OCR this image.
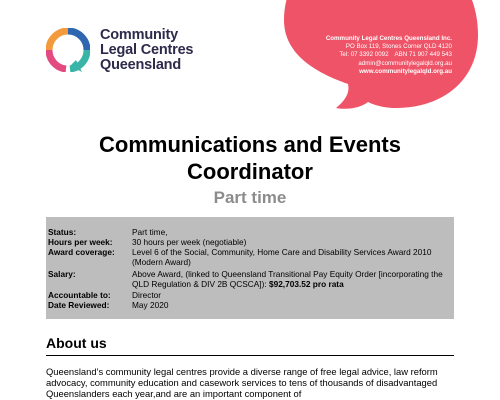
Community
Legal Centres
Queensland
Community Legal Centres Queensland Inc.
PO Box 119, Stones Corner QLD 4120
Tel: 07 3392 0092 ABN 71 907 449 543
admin@communitylegalqld.org.au
www.communitylegalqld.org.au
Communications and Events
Coordinator
Part time
Status:	Part time,
Hours per week: 30 hours per week (negotiable)
Award coverage: Level 6 of the Social, Community, Home Care and Disability Services Award 2010 (Modern Award)
Salary:	Above Award, (linked to Queensland Transitional Pay Equity Order [incorporating the QLD Regulation & DIV 2B QCSCA]): $92,703.52 pro rata
Accountable to:	Director
Date Reviewed:	May 2020
About us
Queensland’s community legal centres provide a diverse range of free legal advice, law reform advocacy, community education and casework services to tens of thousands of disadvantaged Queenslanders each year,and are an important component of
